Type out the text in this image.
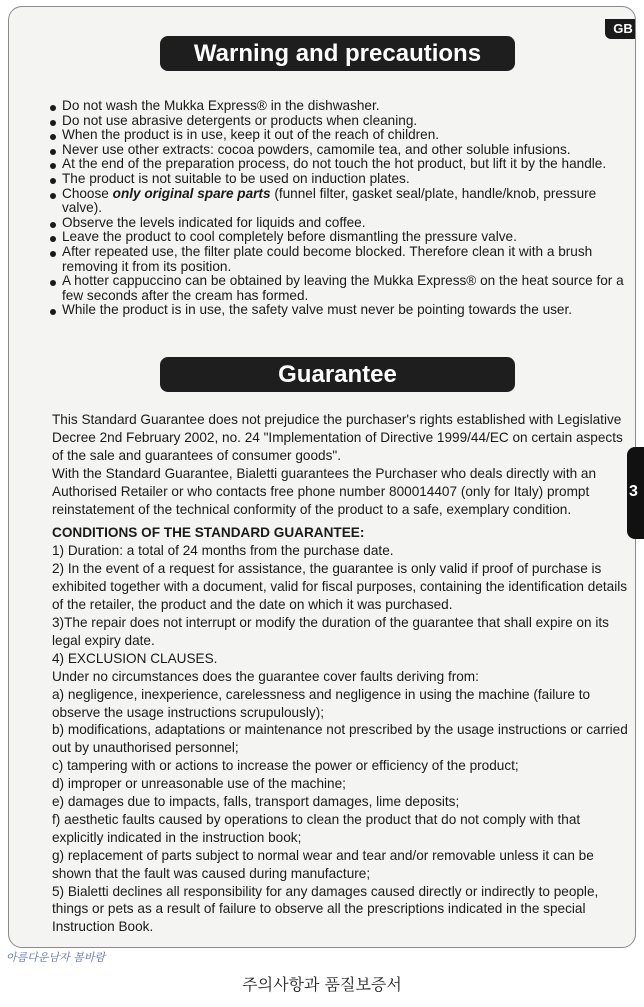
GB
Warning and precautions
Do not wash the Mukka Express® in the dishwasher.
Do not use abrasive detergents or products when cleaning.
When the product is in use, keep it out of the reach of children.
Never use other extracts: cocoa powders, camomile tea, and other soluble infusions.
At the end of the preparation process, do not touch the hot product, but lift it by the handle.
The product is not suitable to be used on induction plates.
Choose only original spare parts (funnel filter, gasket seal/plate, handle/knob, pressure valve).
Observe the levels indicated for liquids and coffee.
Leave the product to cool completely before dismantling the pressure valve.
After repeated use, the filter plate could become blocked. Therefore clean it with a brush removing it from its position.
A hotter cappuccino can be obtained by leaving the Mukka Express® on the heat source for a few seconds after the cream has formed.
While the product is in use, the safety valve must never be pointing towards the user.
Guarantee

This Standard Guarantee does not prejudice the purchaser's rights established with Legislative Decree 2nd February 2002, no. 24 "Implementation of Directive 1999/44/EC on certain aspects of the sale and guarantees of consumer goods".

With the Standard Guarantee, Bialetti guarantees the Purchaser who deals directly with an Authorised Retailer or who contacts free phone number 800014407 (only for Italy) prompt reinstatement of the technical conformity of the product to a safe, exemplary condition.

CONDITIONS OF THE STANDARD GUARANTEE:

1) Duration: a total of 24 months from the purchase date.

2) In the event of a request for assistance, the guarantee is only valid if proof of purchase is exhibited together with a document, valid for fiscal purposes, containing the identification details of the retailer, the product and the date on which it was purchased.

3)The repair does not interrupt or modify the duration of the guarantee that shall expire on its legal expiry date.

4) EXCLUSION CLAUSES.

Under no circumstances does the guarantee cover faults deriving from:

a) negligence, inexperience, carelessness and negligence in using the machine (failure to observe the usage instructions scrupulously);

b) modifications, adaptations or maintenance not prescribed by the usage instructions or carried out by unauthorised personnel;

c) tampering with or actions to increase the power or efficiency of the product;

d) improper or unreasonable use of the machine;

e) damages due to impacts, falls, transport damages, lime deposits;

f) aesthetic faults caused by operations to clean the product that do not comply with that explicitly indicated in the instruction book;

g) replacement of parts subject to normal wear and tear and/or removable unless it can be shown that the fault was caused during manufacture;

5) Bialetti declines all responsibility for any damages caused directly or indirectly to people, things or pets as a result of failure to observe all the prescriptions indicated in the special Instruction Book.

3
아름다운남자 봄바람
주의사항과 품질보증서
